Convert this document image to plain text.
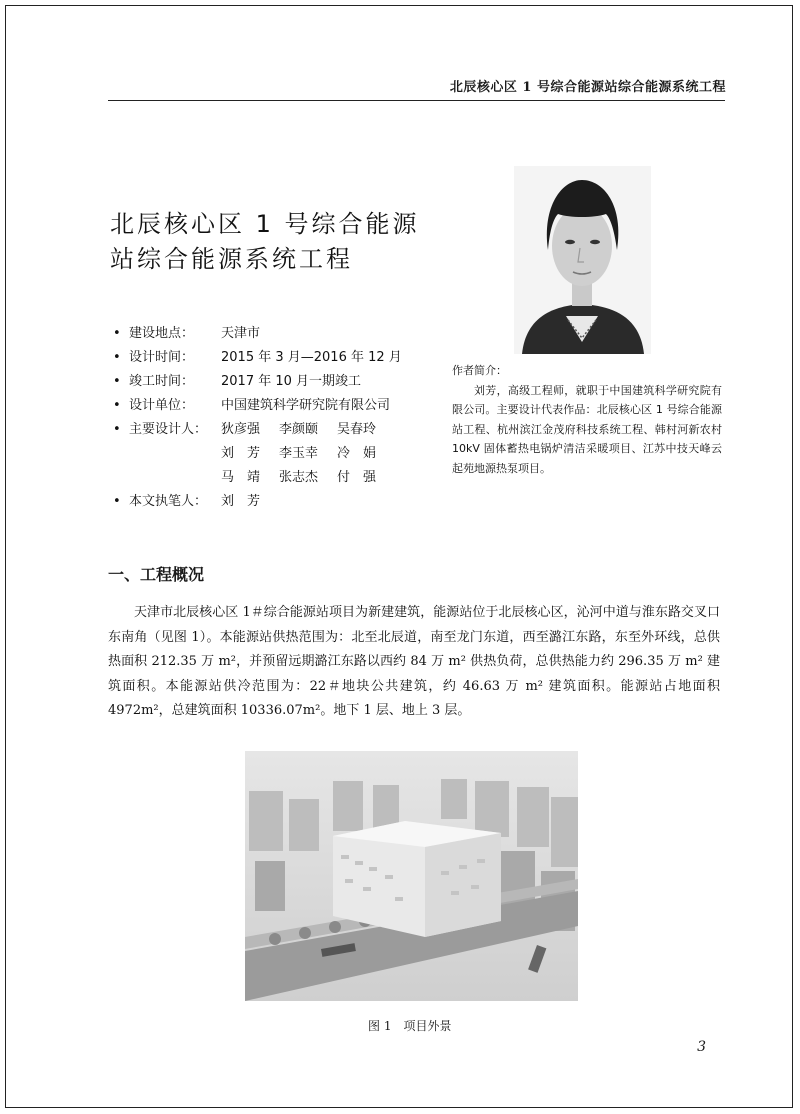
北辰核心区 1 号综合能源站综合能源系统工程
北辰核心区 1 号综合能源
站综合能源系统工程
• 建设地点：	天津市
• 设计时间：	2015 年 3 月—2016 年 12 月
• 竣工时间：	2017 年 10 月一期竣工
• 设计单位：	中国建筑科学研究院有限公司
• 主要设计人：	狄彦强	李颜颐	吴春玲
刘　芳	李玉幸	冷　娟
马　靖	张志杰	付　强
• 本文执笔人：	刘　芳
作者简介：
刘芳，高级工程师，就职于中国建筑科学研究院有限公司。主要设计代表作品：北辰核心区 1 号综合能源站工程、杭州滨江金茂府科技系统工程、韩村河新农村 10kV 固体蓄热电锅炉清洁采暖项目、江苏中技天峰云起苑地源热泵项目。
一、工程概况
天津市北辰核心区 1＃综合能源站项目为新建建筑，能源站位于北辰核心区，沁河中道与淮东路交叉口东南角（见图 1）。本能源站供热范围为：北至北辰道，南至龙门东道，西至潞江东路，东至外环线，总供热面积 212.35 万 m²，并预留远期潞江东路以西约 84 万 m² 供热负荷，总供热能力约 296.35 万 m² 建筑面积。本能源站供冷范围为：22＃地块公共建筑，约 46.63 万 m² 建筑面积。能源站占地面积 4972m²，总建筑面积 10336.07m²。地下 1 层、地上 3 层。
图 1　项目外景
3
